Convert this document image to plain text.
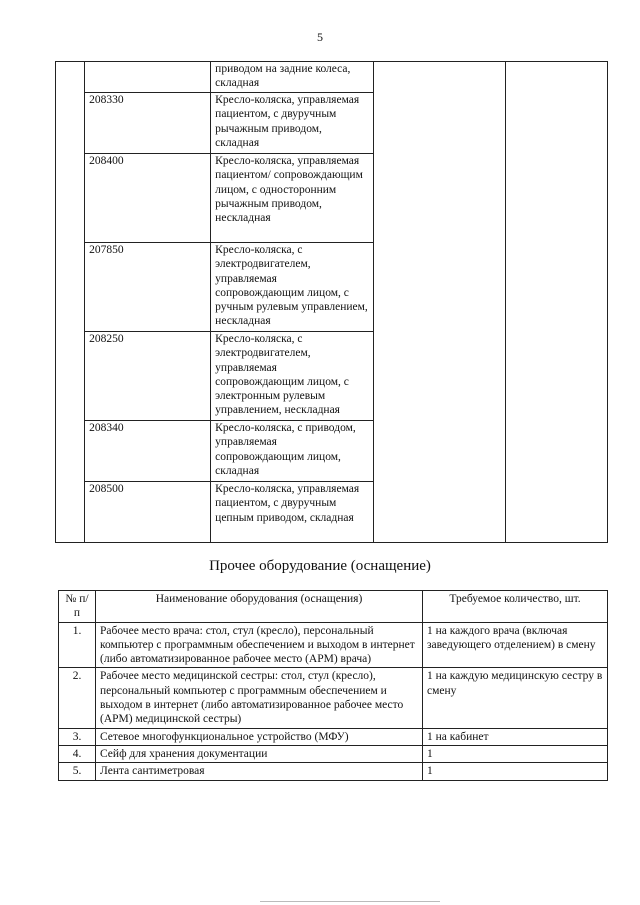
5
		приводом на задние колеса, складная		
	208330	Кресло-коляска, управляемая пациентом, с двуручным рычажным приводом, складная		
	208400	Кресло-коляска, управляемая пациентом/ сопровождающим лицом, с односторонним рычажным приводом, нескладная		
	207850	Кресло-коляска, с электродвигателем, управляемая сопровождающим лицом, с ручным рулевым управлением, нескладная		
	208250	Кресло-коляска, с электродвигателем, управляемая сопровождающим лицом, с электронным рулевым управлением, нескладная		
	208340	Кресло-коляска, с приводом, управляемая сопровождающим лицом, складная		
	208500	Кресло-коляска, управляемая пациентом, с двуручным цепным приводом, складная		
Прочее оборудование (оснащение)
№ п/п	Наименование оборудования (оснащения)	Требуемое количество, шт.
1.	Рабочее место врача: стол, стул (кресло), персональный компьютер с программным обеспечением и выходом в интернет (либо автоматизированное рабочее место (АРМ) врача)	1 на каждого врача (включая заведующего отделением) в смену
2.	Рабочее место медицинской сестры: стол, стул (кресло), персональный компьютер с программным обеспечением и выходом в интернет (либо автоматизированное рабочее место (АРМ) медицинской сестры)	1 на каждую медицинскую сестру в смену
3.	Сетевое многофункциональное устройство (МФУ)	1 на кабинет
4.	Сейф для хранения документации	1
5.	Лента сантиметровая	1
